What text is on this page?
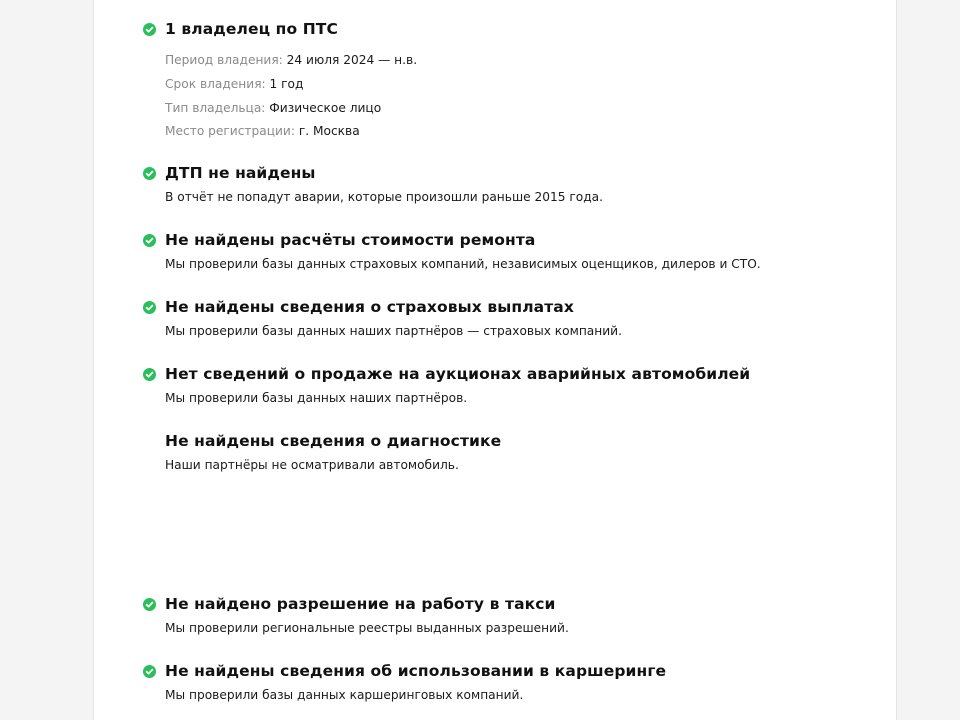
1 владелец по ПТС
Период владения: 24 июля 2024 — н.в.
Срок владения: 1 год
Тип владельца: Физическое лицо
Место регистрации: г. Москва
ДТП не найдены
В отчёт не попадут аварии, которые произошли раньше 2015 года.
Не найдены расчёты стоимости ремонта
Мы проверили базы данных страховых компаний, независимых оценщиков, дилеров и СТО.
Не найдены сведения о страховых выплатах
Мы проверили базы данных наших партнёров — страховых компаний.
Нет сведений о продаже на аукционах аварийных автомобилей
Мы проверили базы данных наших партнёров.
Не найдены сведения о диагностике
Наши партнёры не осматривали автомобиль.
Не найдено разрешение на работу в такси
Мы проверили региональные реестры выданных разрешений.
Не найдены сведения об использовании в каршеринге
Мы проверили базы данных каршеринговых компаний.
